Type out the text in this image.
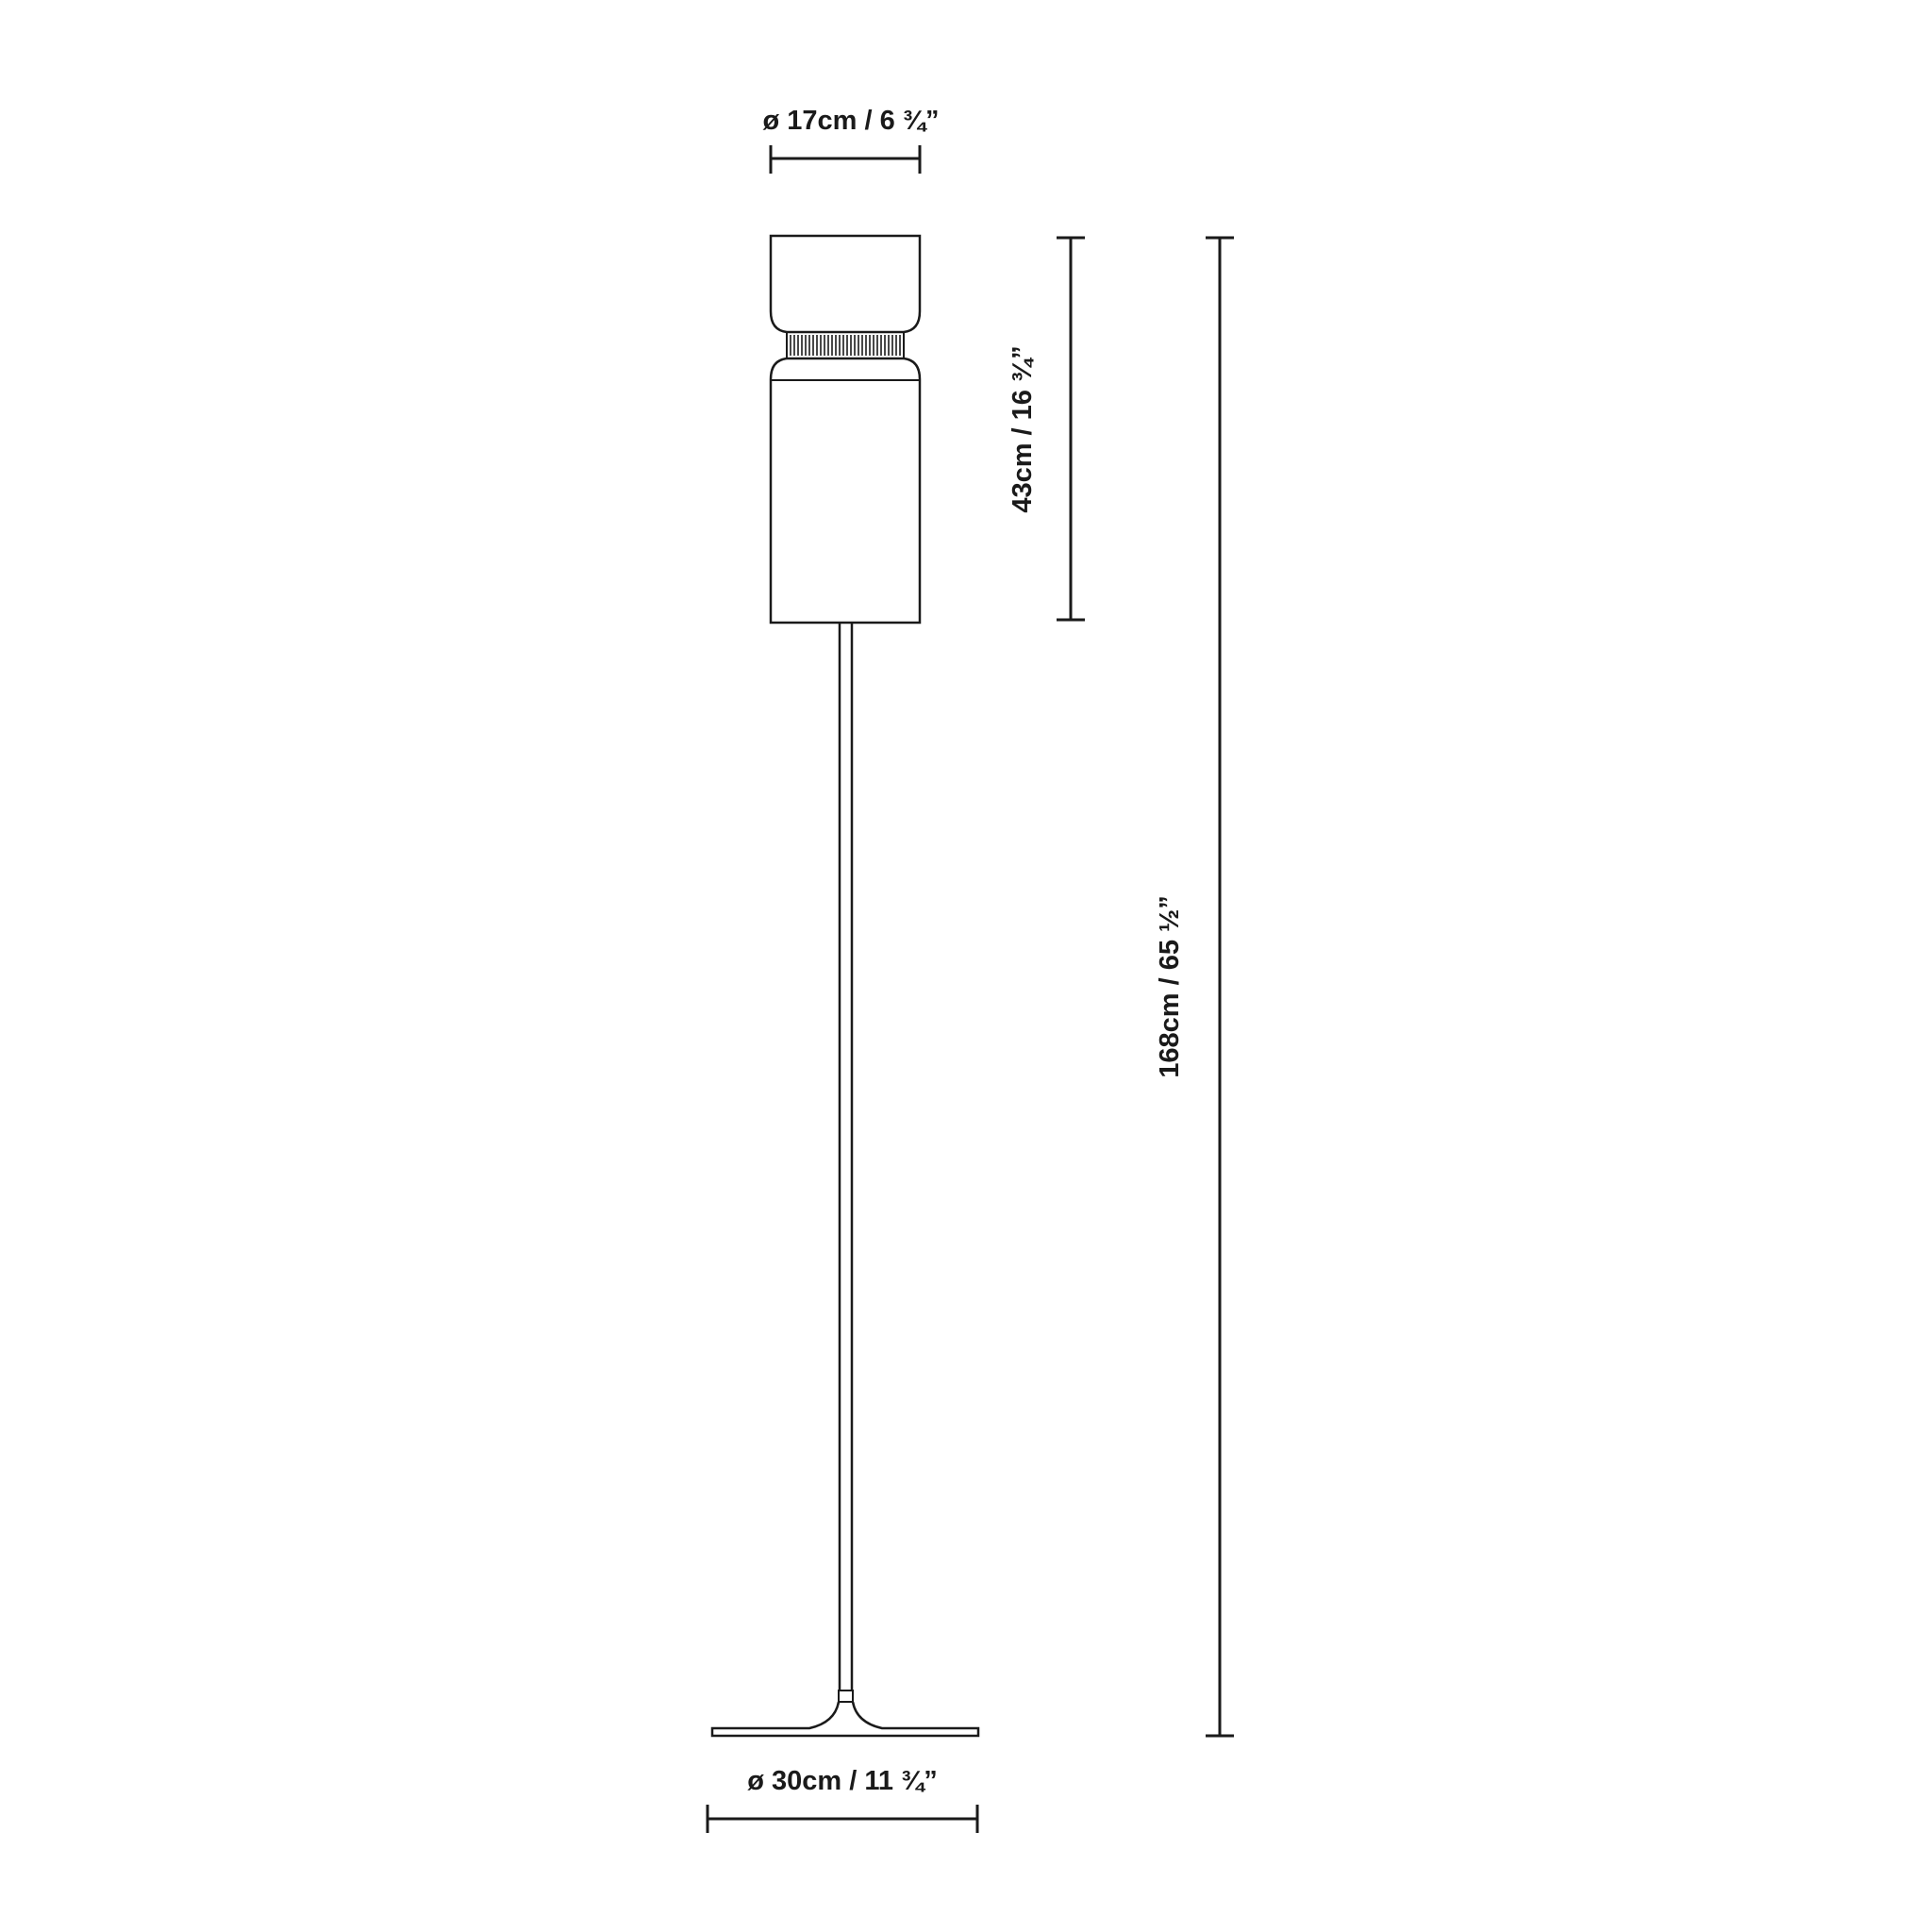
ø 17cm / 6 ¾”
43cm / 16 ¾”
168cm / 65 ½”
ø 30cm / 11 ¾”
